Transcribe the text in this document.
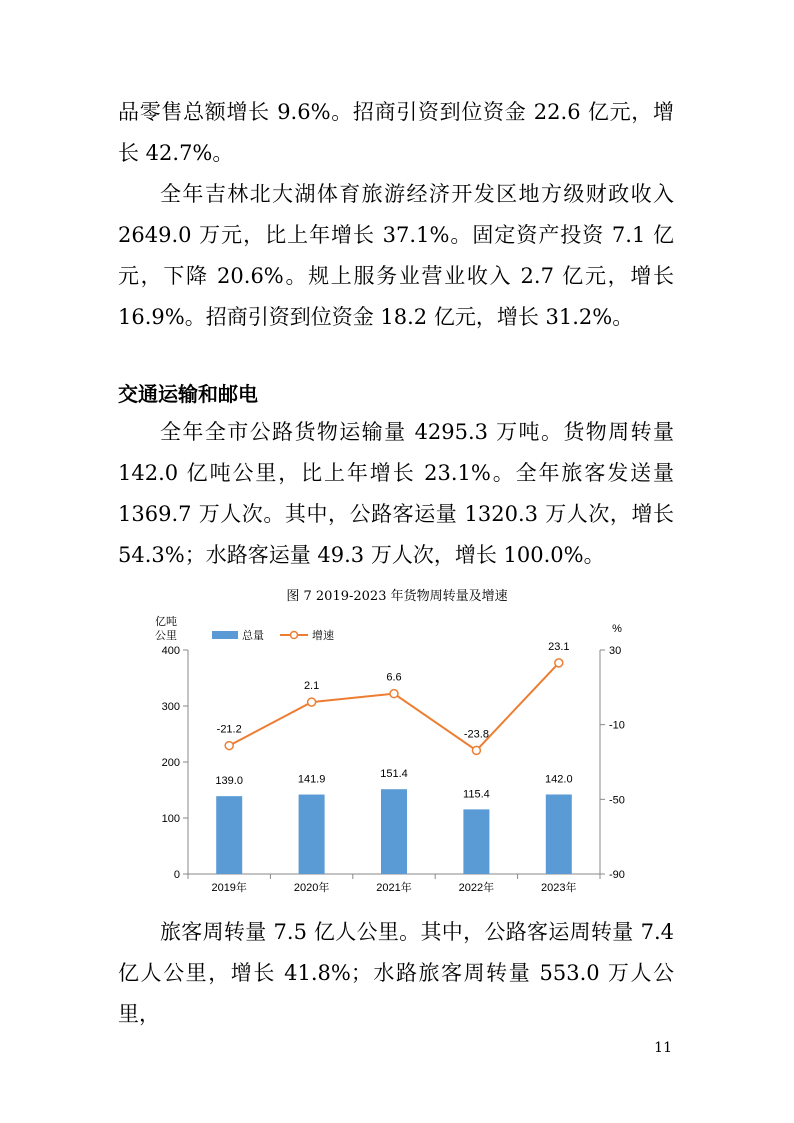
品零售总额增长 9.6%。招商引资到位资金 22.6 亿元，增长 42.7%。

全年吉林北大湖体育旅游经济开发区地方级财政收入 2649.0 万元，比上年增长 37.1%。固定资产投资 7.1 亿元，下降 20.6%。规上服务业营业收入 2.7 亿元，增长 16.9%。招商引资到位资金 18.2 亿元，增长 31.2%。

交通运输和邮电

全年全市公路货物运输量 4295.3 万吨。货物周转量 142.0 亿吨公里，比上年增长 23.1%。全年旅客发送量 1369.7 万人次。其中，公路客运量 1320.3 万人次，增长 54.3%；水路客运量 49.3 万人次，增长 100.0%。

图 7 2019-2023 年货物周转量及增速
0
100
200
300
400
-90
-50
-10
30
2019年	2020年	2021年	2022年	2023年
亿吨
公里
%
总量	增速
139.0	141.9	151.4
115.4
142.0
-21.2
2.1
6.6
-23.8
23.1

旅客周转量 7.5 亿人公里。其中，公路客运周转量 7.4 亿人公里，增长 41.8%；水路旅客周转量 553.0 万人公里，

11
